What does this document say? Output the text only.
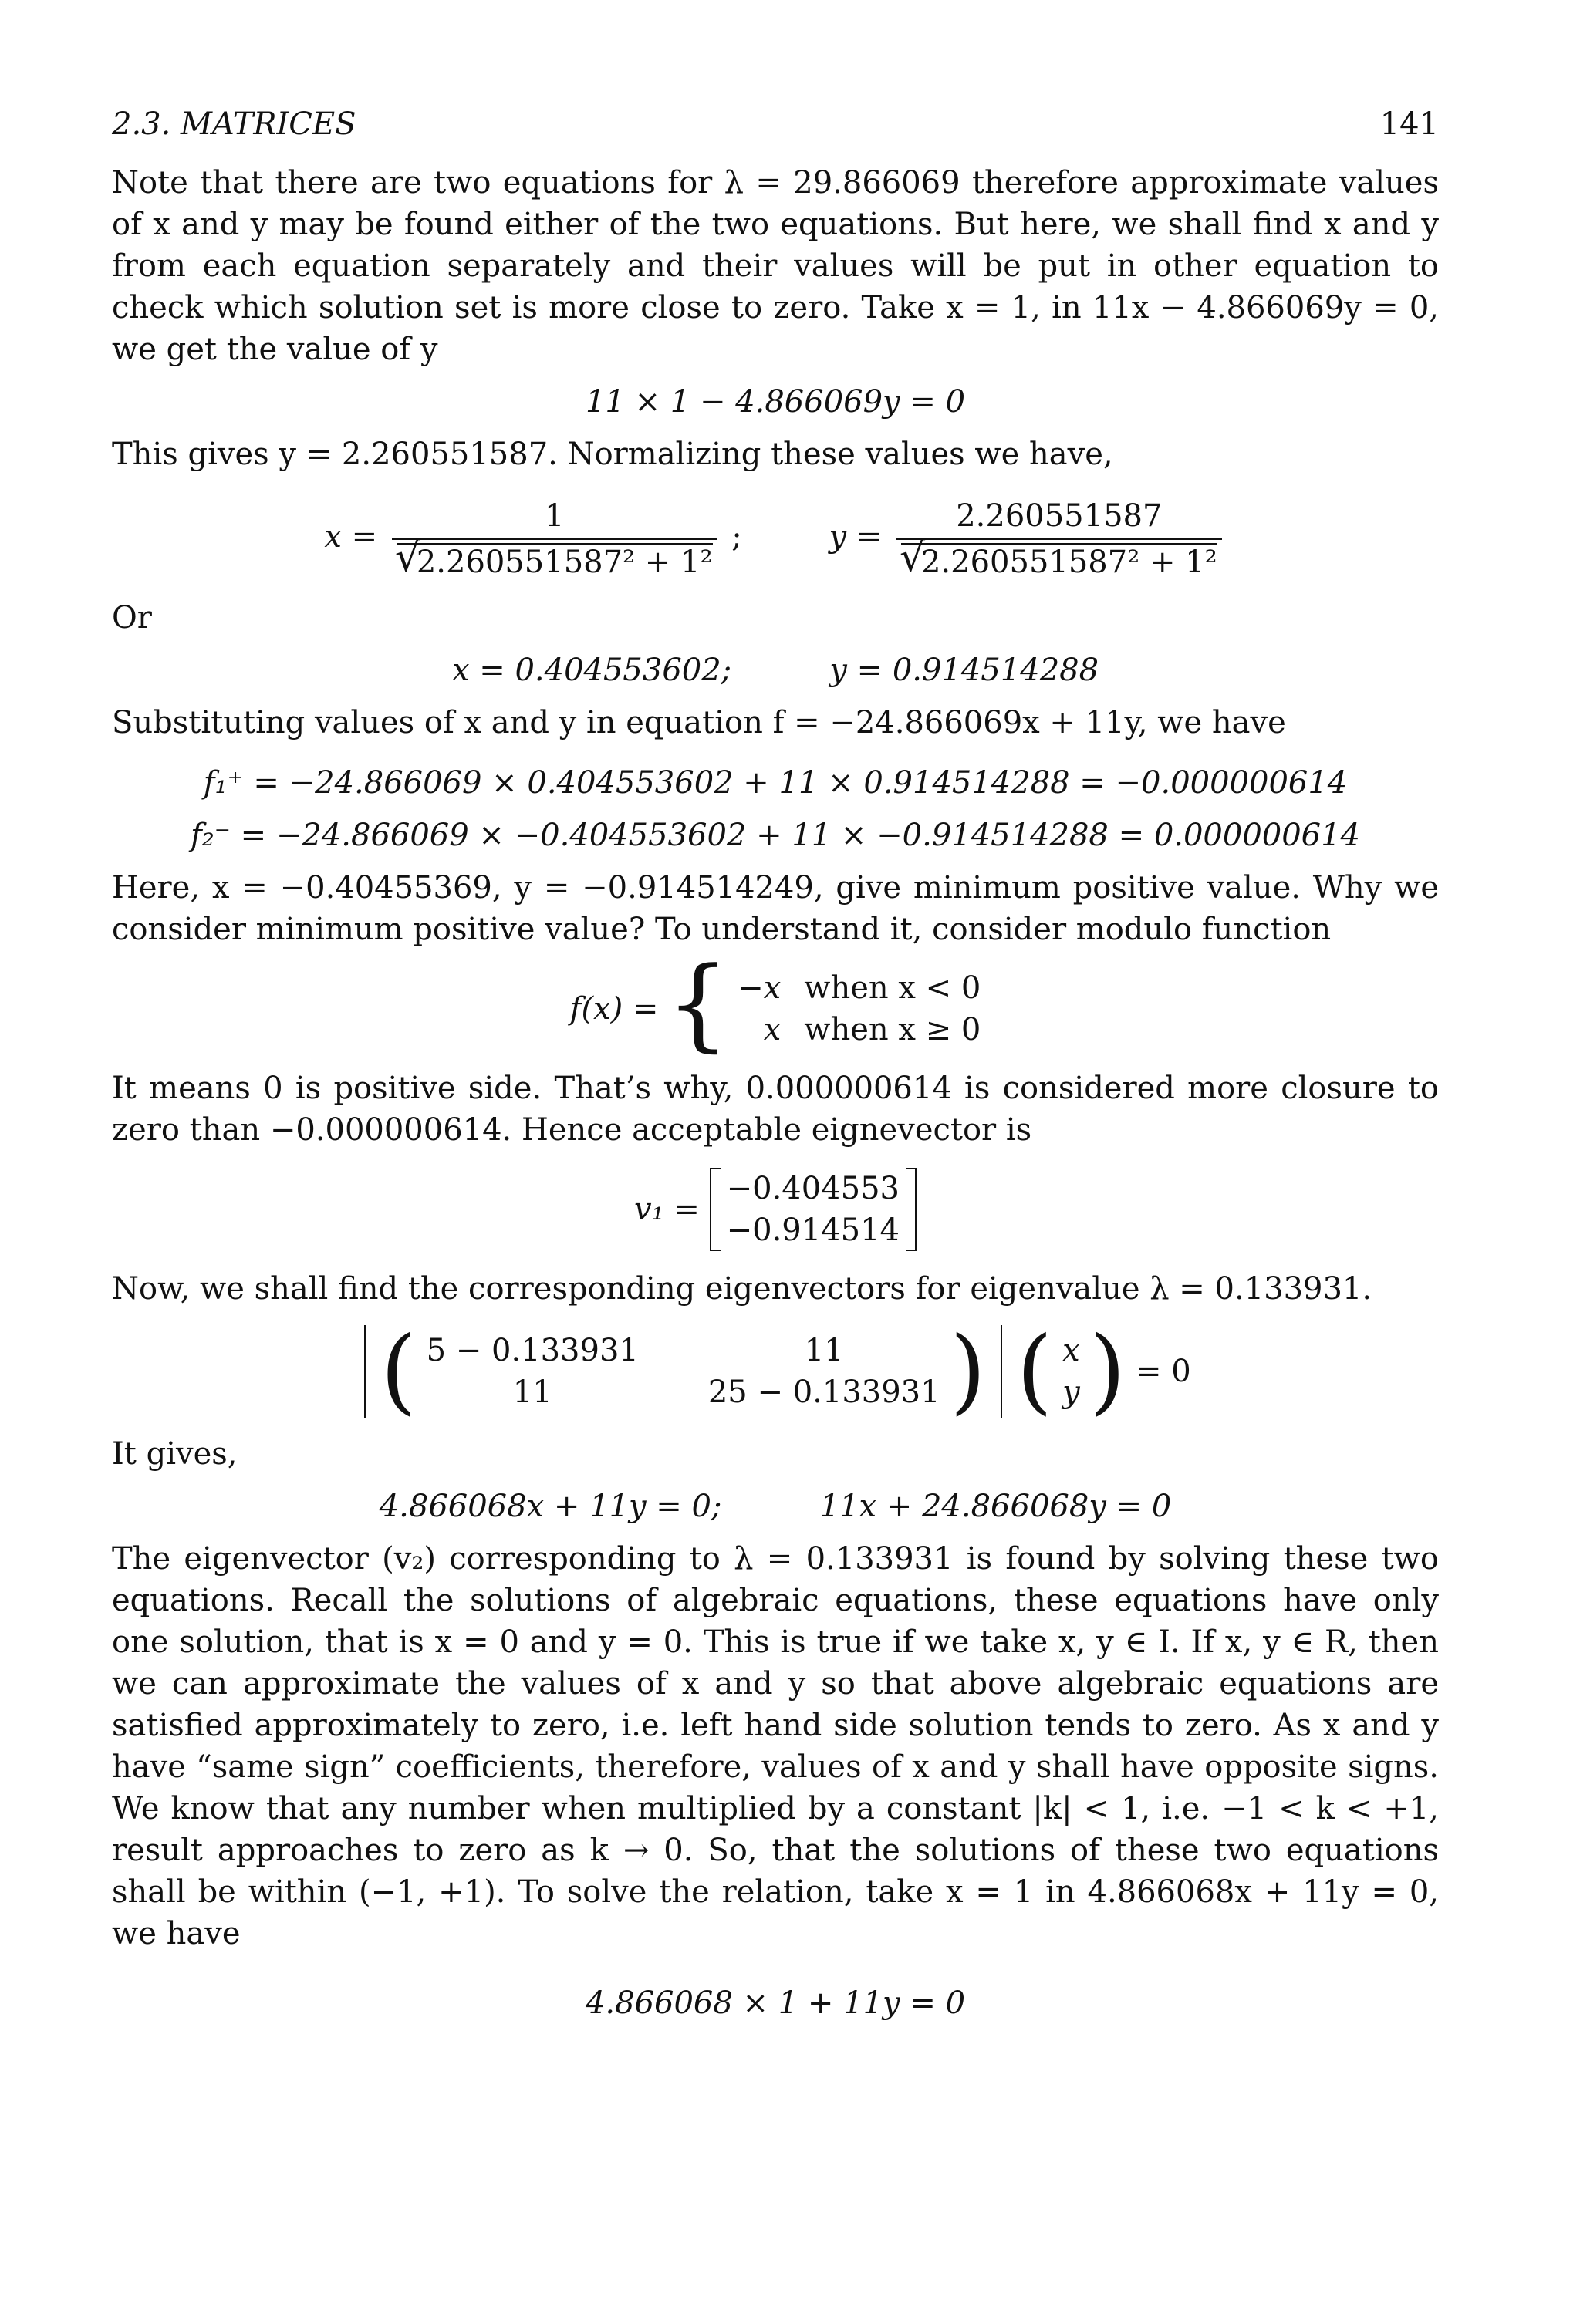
2.3. MATRICES	141

Note that there are two equations for λ = 29.866069 therefore approximate values of x and y may be found either of the two equations. But here, we shall find x and y from each equation separately and their values will be put in other equation to check which solution set is more close to zero. Take x = 1, in 11x − 4.866069y = 0, we get the value of y

11 × 1 − 4.866069y = 0

This gives y = 2.260551587. Normalizing these values we have,

x = 1
√ 2.260551587² + 1² ;	y = 2.260551587
√ 2.260551587² + 1²

Or

x = 0.404553602;          y = 0.914514288

Substituting values of x and y in equation f = −24.866069x + 11y, we have

f₁⁺ = −24.866069 × 0.404553602 + 11 × 0.914514288 = −0.000000614
f₂⁻ = −24.866069 × −0.404553602 + 11 × −0.914514288 = 0.000000614

Here, x = −0.40455369, y = −0.914514249, give minimum positive value. Why we consider minimum positive value? To understand it, consider modulo function

f(x) = { −x when x < 0
x when x ≥ 0

It means 0 is positive side. That’s why, 0.000000614 is considered more closure to zero than −0.000000614. Hence acceptable eignevector is

v₁ =
−0.404553
−0.914514

Now, we shall find the corresponding eigenvectors for eigenvalue λ = 0.133931.

( 5 − 0.133931	11
11	25 − 0.133931 ) ( x
y ) = 0

It gives,

4.866068x + 11y = 0;          11x + 24.866068y = 0

The eigenvector (v₂) corresponding to λ = 0.133931 is found by solving these two equations. Recall the solutions of algebraic equations, these equations have only one solution, that is x = 0 and y = 0. This is true if we take x, y ∈ I. If x, y ∈ R, then we can approximate the values of x and y so that above algebraic equations are satisfied approximately to zero, i.e. left hand side solution tends to zero. As x and y have “same sign” coefficients, therefore, values of x and y shall have opposite signs. We know that any number when multiplied by a constant |k| < 1, i.e. −1 < k < +1, result approaches to zero as k → 0. So, that the solutions of these two equations shall be within (−1, +1). To solve the relation, take x = 1 in 4.866068x + 11y = 0, we have

4.866068 × 1 + 11y = 0
